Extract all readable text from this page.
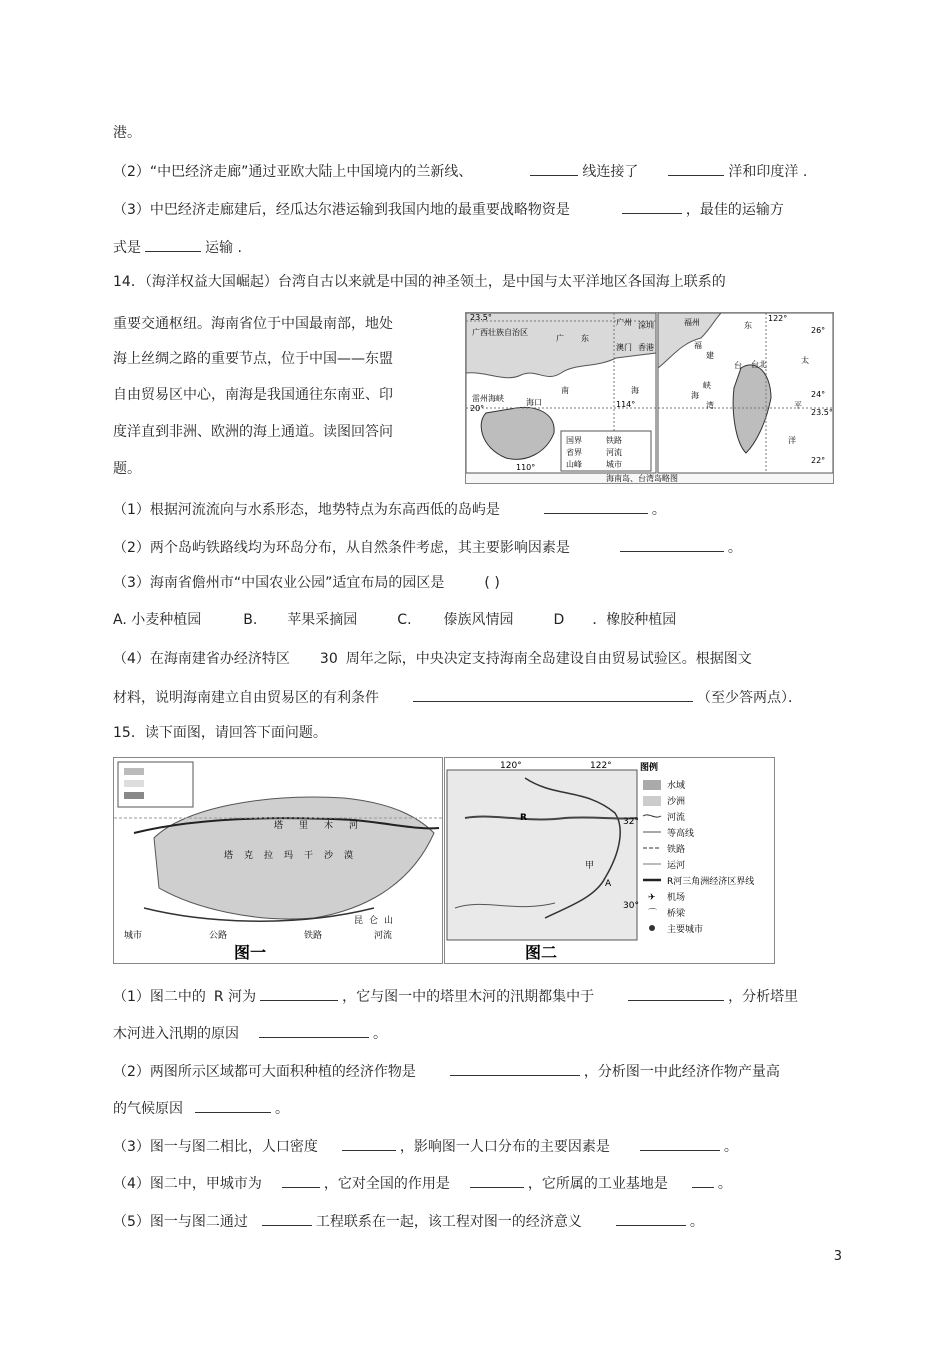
港。
（2）“中巴经济走廊”通过亚欧大陆上中国境内的兰新线、	线连接了	洋和印度洋 .
（3）中巴经济走廊建后，经瓜达尔港运输到我国内地的最重要战略物资是	，最佳的运输方
式是	运输 .
14．（海洋权益大国崛起）台湾自古以来就是中国的神圣领土，是中国与太平洋地区各国海上联系的
重要交通枢纽。海南省位于中国最南部，地处
海上丝绸之路的重要节点，位于中国——东盟
自由贸易区中心，南海是我国通往东南亚、印
度洋直到非洲、欧洲的海上通道。读图回答问
题。
23.5°
20°
110°
114°
122°
26°
24°
23.5°
22°
广西壮族自治区
广 东
广州 深圳
澳门 香港
南	海
福州
福
建
东
台 台北
湾
海
峡
太
平
洋
雷州海峡	海口
国界	铁路
省界	河流
山峰	城市
海南岛、台湾岛略图
（1）根据河流流向与水系形态，地势特点为东高西低的岛屿是	。
（2）两个岛屿铁路线均为环岛分布，从自然条件考虑，其主要影响因素是	。
（3）海南省儋州市“中国农业公园”适宜布局的园区是	( )
A. 小麦种植园	B. 苹果采摘园	C. 傣族风情园	D ．橡胶种植园
（4）在海南建省办经济特区 30 周年之际，中央决定支持海南全岛建设自由贸易试验区。根据图文
材料，说明海南建立自由贸易区的有利条件	（至少答两点）．
15．读下面图，请回答下面问题。
塔 里 木 河
塔 克 拉 玛 干 沙 漠
昆 仑 山
城市	公路	铁路	河流
图一
120°	122°
32°
30°
R
甲
A
图例
水域
沙洲
河流
等高线
铁路
运河
R河三角洲经济区界线
机场
桥梁
主要城市
✈
⌒
图二
（1）图二中的 R 河为	，它与图一中的塔里木河的汛期都集中于	，分析塔里
木河进入汛期的原因	。
（2）两图所示区域都可大面积种植的经济作物是	，分析图一中此经济作物产量高
的气候原因	。
（3）图一与图二相比，人口密度	，影响图一人口分布的主要因素是	。
（4）图二中，甲城市为	，它对全国的作用是	，它所属的工业基地是	。
（5）图一与图二通过	工程联系在一起，该工程对图一的经济意义	。
3
